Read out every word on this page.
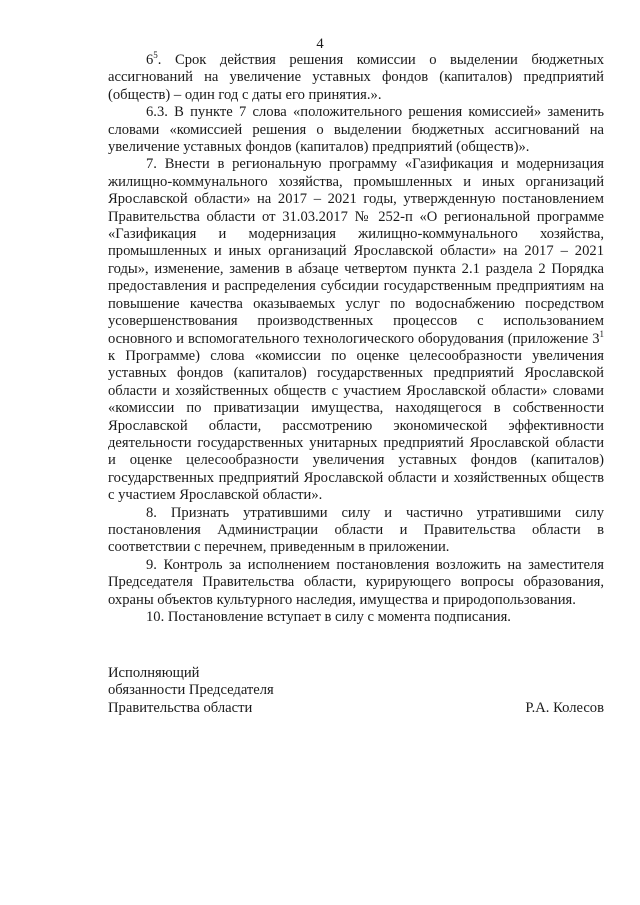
4

$6^5$. Срок действия решения комиссии о выделении бюджетных ассигнований на увеличение уставных фондов (капиталов) предприятий (обществ) – один год с даты его принятия.».

6.3. В пункте 7 слова «положительного решения комиссией» заменить словами «комиссией решения о выделении бюджетных ассигнований на увеличение уставных фондов (капиталов) предприятий (обществ)».

7. Внести в региональную программу «Газификация и модернизация жилищно-коммунального хозяйства, промышленных и иных организаций Ярославской области» на 2017 – 2021 годы, утвержденную постановлением Правительства области от 31.03.2017 № 252-п «О региональной программе «Газификация и модернизация жилищно-коммунального хозяйства, промышленных и иных организаций Ярославской области» на 2017 – 2021 годы», изменение, заменив в абзаце четвертом пункта 2.1 раздела 2 Порядка предоставления и распределения субсидии государственным предприятиям на повышение качества оказываемых услуг по водоснабжению посредством усовершенствования производственных процессов с использованием основного и вспомогательного технологического оборудования (приложение $3^1$ к Программе) слова «комиссии по оценке целесообразности увеличения уставных фондов (капиталов) государственных предприятий Ярославской области и хозяйственных обществ с участием Ярославской области» словами «комиссии по приватизации имущества, находящегося в собственности Ярославской области, рассмотрению экономической эффективности деятельности государственных унитарных предприятий Ярославской области и оценке целесообразности увеличения уставных фондов (капиталов) государственных предприятий Ярославской области и хозяйственных обществ с участием Ярославской области».

8. Признать утратившими силу и частично утратившими силу постановления Администрации области и Правительства области в соответствии с перечнем, приведенным в приложении.

9. Контроль за исполнением постановления возложить на заместителя Председателя Правительства области, курирующего вопросы образования, охраны объектов культурного наследия, имущества и природопользования.

10. Постановление вступает в силу с момента подписания.

Исполняющий
обязанности Председателя
Правительства области	Р.А. Колесов
